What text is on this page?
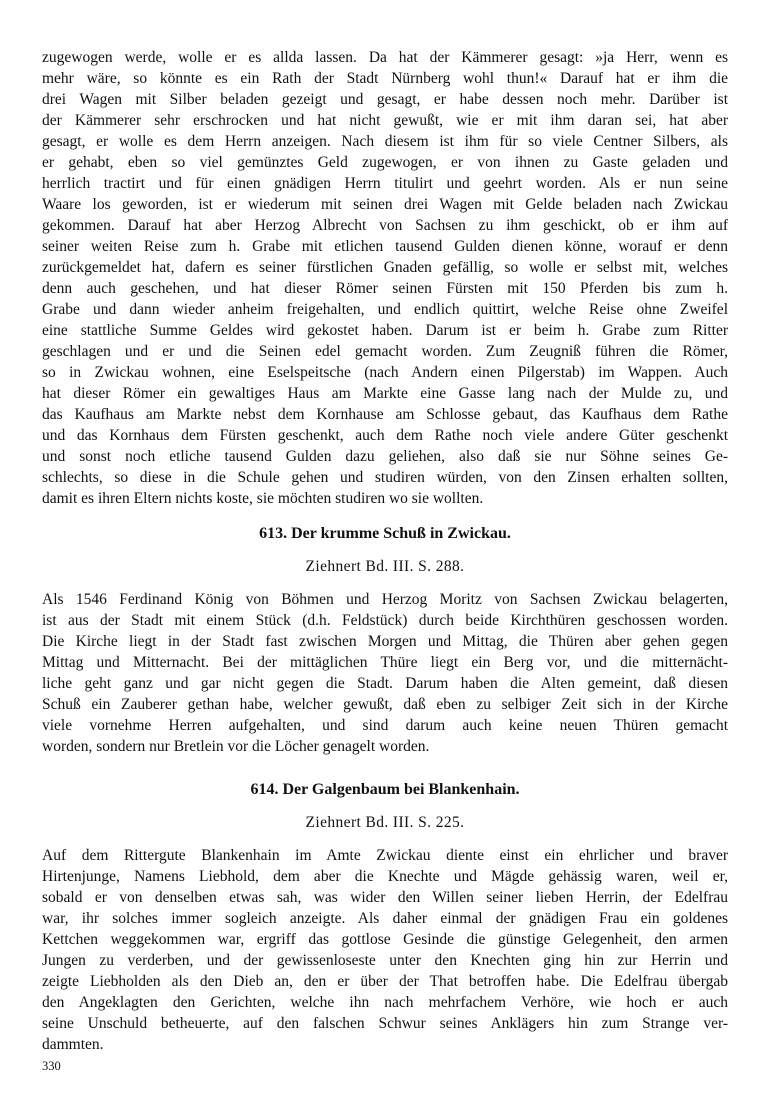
zugewogen werde, wolle er es allda lassen. Da hat der Kämmerer gesagt: »ja Herr, wenn es
mehr wäre, so könnte es ein Rath der Stadt Nürnberg wohl thun!« Darauf hat er ihm die
drei Wagen mit Silber beladen gezeigt und gesagt, er habe dessen noch mehr. Darüber ist
der Kämmerer sehr erschrocken und hat nicht gewußt, wie er mit ihm daran sei, hat aber
gesagt, er wolle es dem Herrn anzeigen. Nach diesem ist ihm für so viele Centner Silbers, als
er gehabt, eben so viel gemünztes Geld zugewogen, er von ihnen zu Gaste geladen und
herrlich tractirt und für einen gnädigen Herrn titulirt und geehrt worden. Als er nun seine
Waare los geworden, ist er wiederum mit seinen drei Wagen mit Gelde beladen nach Zwickau
gekommen. Darauf hat aber Herzog Albrecht von Sachsen zu ihm geschickt, ob er ihm auf
seiner weiten Reise zum h. Grabe mit etlichen tausend Gulden dienen könne, worauf er denn
zurückgemeldet hat, dafern es seiner fürstlichen Gnaden gefällig, so wolle er selbst mit, welches
denn auch geschehen, und hat dieser Römer seinen Fürsten mit 150 Pferden bis zum h.
Grabe und dann wieder anheim freigehalten, und endlich quittirt, welche Reise ohne Zweifel
eine stattliche Summe Geldes wird gekostet haben. Darum ist er beim h. Grabe zum Ritter
geschlagen und er und die Seinen edel gemacht worden. Zum Zeugniß führen die Römer,
so in Zwickau wohnen, eine Eselspeitsche (nach Andern einen Pilgerstab) im Wappen. Auch
hat dieser Römer ein gewaltiges Haus am Markte eine Gasse lang nach der Mulde zu, und
das Kaufhaus am Markte nebst dem Kornhause am Schlosse gebaut, das Kaufhaus dem Rathe
und das Kornhaus dem Fürsten geschenkt, auch dem Rathe noch viele andere Güter geschenkt
und sonst noch etliche tausend Gulden dazu geliehen, also daß sie nur Söhne seines Ge-
schlechts, so diese in die Schule gehen und studiren würden, von den Zinsen erhalten sollten,
damit es ihren Eltern nichts koste, sie möchten studiren wo sie wollten.
613. Der krumme Schuß in Zwickau.
Ziehnert Bd. III. S. 288.
Als 1546 Ferdinand König von Böhmen und Herzog Moritz von Sachsen Zwickau belagerten,
ist aus der Stadt mit einem Stück (d.h. Feldstück) durch beide Kirchthüren geschossen worden.
Die Kirche liegt in der Stadt fast zwischen Morgen und Mittag, die Thüren aber gehen gegen
Mittag und Mitternacht. Bei der mittäglichen Thüre liegt ein Berg vor, und die mitternächt-
liche geht ganz und gar nicht gegen die Stadt. Darum haben die Alten gemeint, daß diesen
Schuß ein Zauberer gethan habe, welcher gewußt, daß eben zu selbiger Zeit sich in der Kirche
viele vornehme Herren aufgehalten, und sind darum auch keine neuen Thüren gemacht
worden, sondern nur Bretlein vor die Löcher genagelt worden.
614. Der Galgenbaum bei Blankenhain.
Ziehnert Bd. III. S. 225.
Auf dem Rittergute Blankenhain im Amte Zwickau diente einst ein ehrlicher und braver
Hirtenjunge, Namens Liebhold, dem aber die Knechte und Mägde gehässig waren, weil er,
sobald er von denselben etwas sah, was wider den Willen seiner lieben Herrin, der Edelfrau
war, ihr solches immer sogleich anzeigte. Als daher einmal der gnädigen Frau ein goldenes
Kettchen weggekommen war, ergriff das gottlose Gesinde die günstige Gelegenheit, den armen
Jungen zu verderben, und der gewissenloseste unter den Knechten ging hin zur Herrin und
zeigte Liebholden als den Dieb an, den er über der That betroffen habe. Die Edelfrau übergab
den Angeklagten den Gerichten, welche ihn nach mehrfachem Verhöre, wie hoch er auch
seine Unschuld betheuerte, auf den falschen Schwur seines Anklägers hin zum Strange ver-
dammten.
330
